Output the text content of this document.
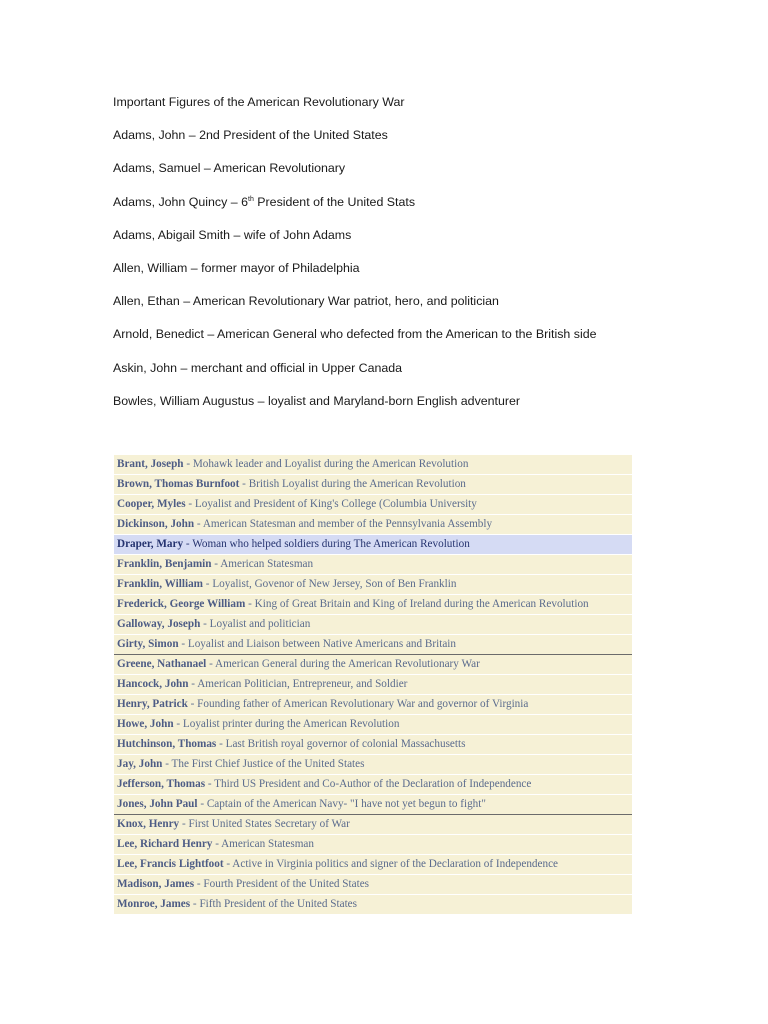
Important Figures of the American Revolutionary War
Adams, John – 2nd President of the United States
Adams, Samuel – American Revolutionary
Adams, John Quincy – 6th President of the United Stats
Adams, Abigail Smith – wife of John Adams
Allen, William – former mayor of Philadelphia
Allen, Ethan – American Revolutionary War patriot, hero, and politician
Arnold, Benedict – American General who defected from the American to the British side
Askin, John – merchant and official in Upper Canada
Bowles, William Augustus – loyalist and Maryland-born English adventurer
Brant, Joseph - Mohawk leader and Loyalist during the American Revolution
Brown, Thomas Burnfoot - British Loyalist during the American Revolution
Cooper, Myles - Loyalist and President of King's College (Columbia University
Dickinson, John - American Statesman and member of the Pennsylvania Assembly
Draper, Mary - Woman who helped soldiers during The American Revolution
Franklin, Benjamin - American Statesman
Franklin, William - Loyalist, Govenor of New Jersey, Son of Ben Franklin
Frederick, George William - King of Great Britain and King of Ireland during the American Revolution
Galloway, Joseph - Loyalist and politician
Girty, Simon - Loyalist and Liaison between Native Americans and Britain
Greene, Nathanael - American General during the American Revolutionary War
Hancock, John - American Politician, Entrepreneur, and Soldier
Henry, Patrick - Founding father of American Revolutionary War and governor of Virginia
Howe, John - Loyalist printer during the American Revolution
Hutchinson, Thomas - Last British royal governor of colonial Massachusetts
Jay, John - The First Chief Justice of the United States
Jefferson, Thomas - Third US President and Co-Author of the Declaration of Independence
Jones, John Paul - Captain of the American Navy- "I have not yet begun to fight"
Knox, Henry - First United States Secretary of War
Lee, Richard Henry - American Statesman
Lee, Francis Lightfoot - Active in Virginia politics and signer of the Declaration of Independence
Madison, James - Fourth President of the United States
Monroe, James - Fifth President of the United States
